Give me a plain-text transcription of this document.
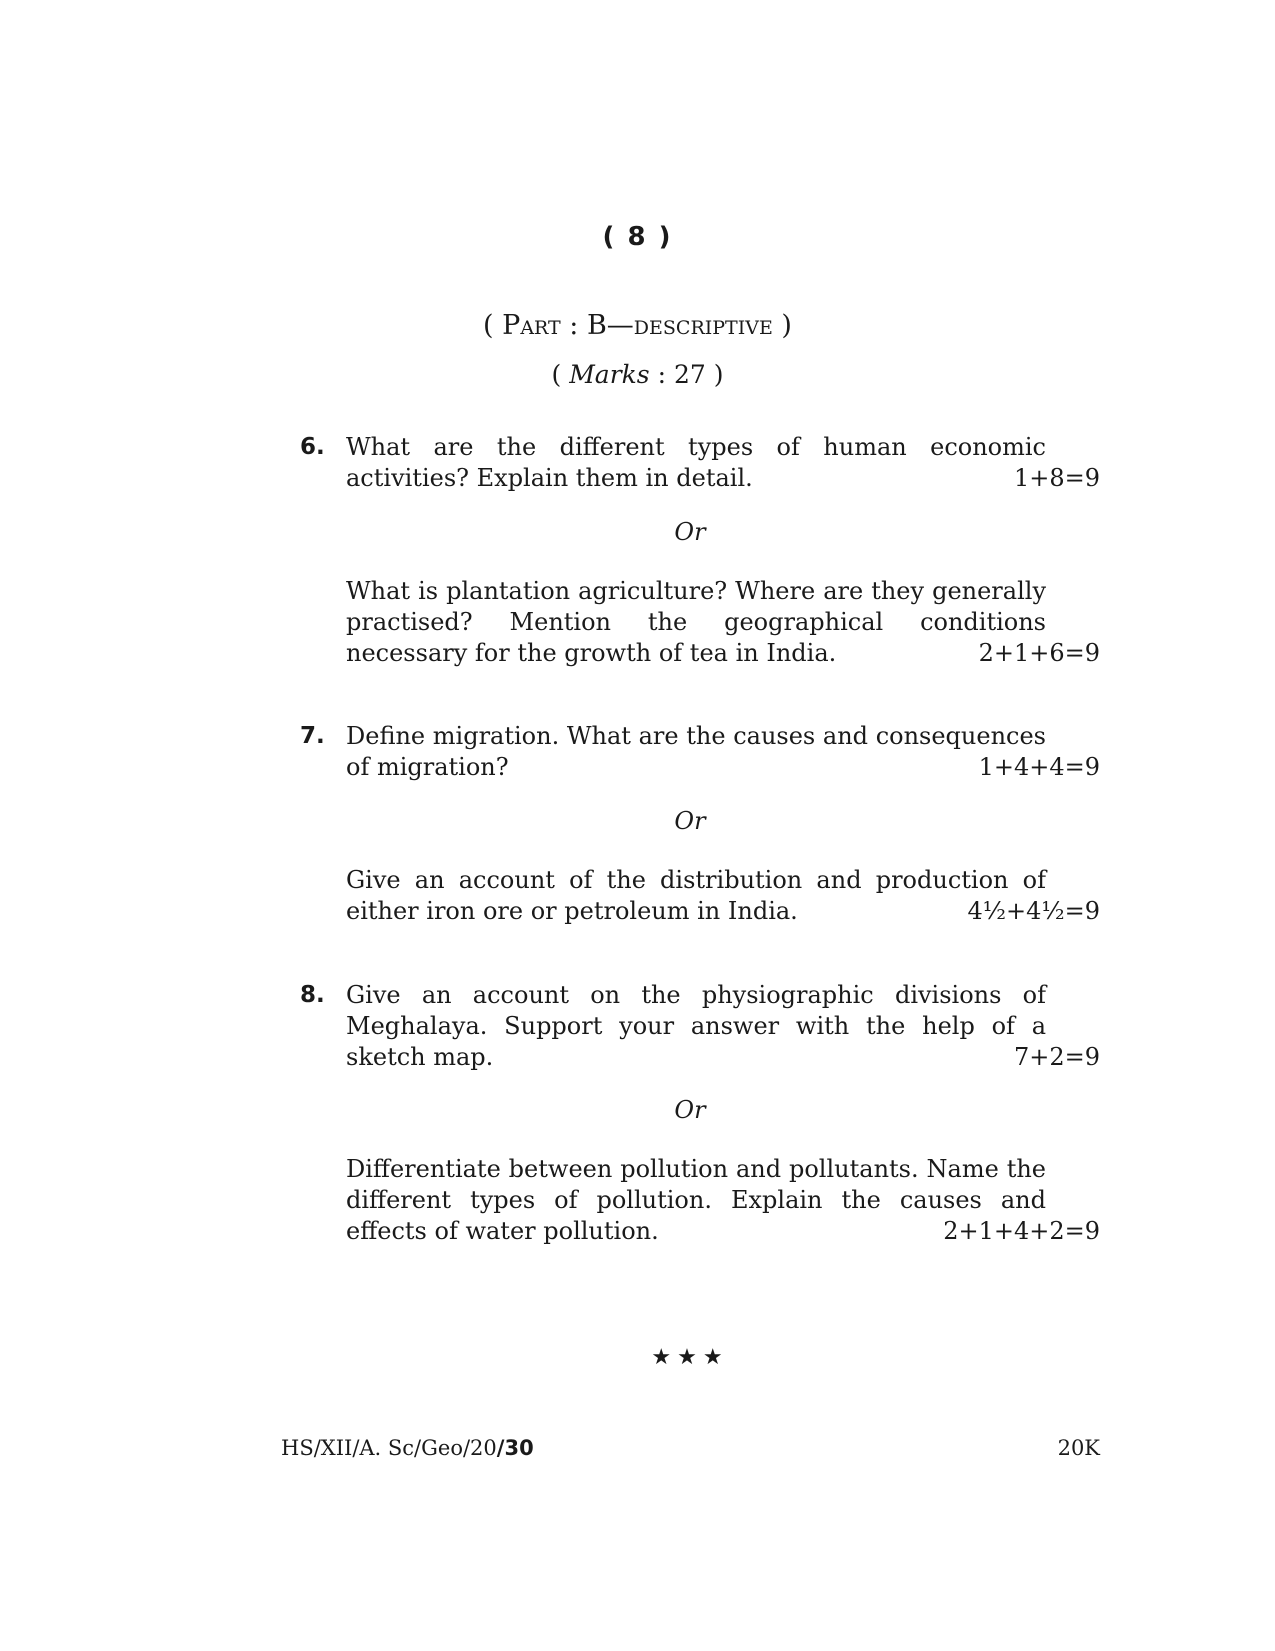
( 8 )
( Part : B—descriptive )
( Marks : 27 )
6. What are the different types of human economic
activities? Explain them in detail.	1+8=9
Or
What is plantation agriculture? Where are they generally
practised? Mention the geographical conditions
necessary for the growth of tea in India.	2+1+6=9
7. Define migration. What are the causes and consequences
of migration?	1+4+4=9
Or
Give an account of the distribution and production of
either iron ore or petroleum in India.	4½+4½=9
8. Give an account on the physiographic divisions of
Meghalaya. Support your answer with the help of a
sketch map.	7+2=9
Or
Differentiate between pollution and pollutants. Name the
different types of pollution. Explain the causes and
effects of water pollution.	2+1+4+2=9
★★★
HS/XII/A. Sc/Geo/20/30	20K
